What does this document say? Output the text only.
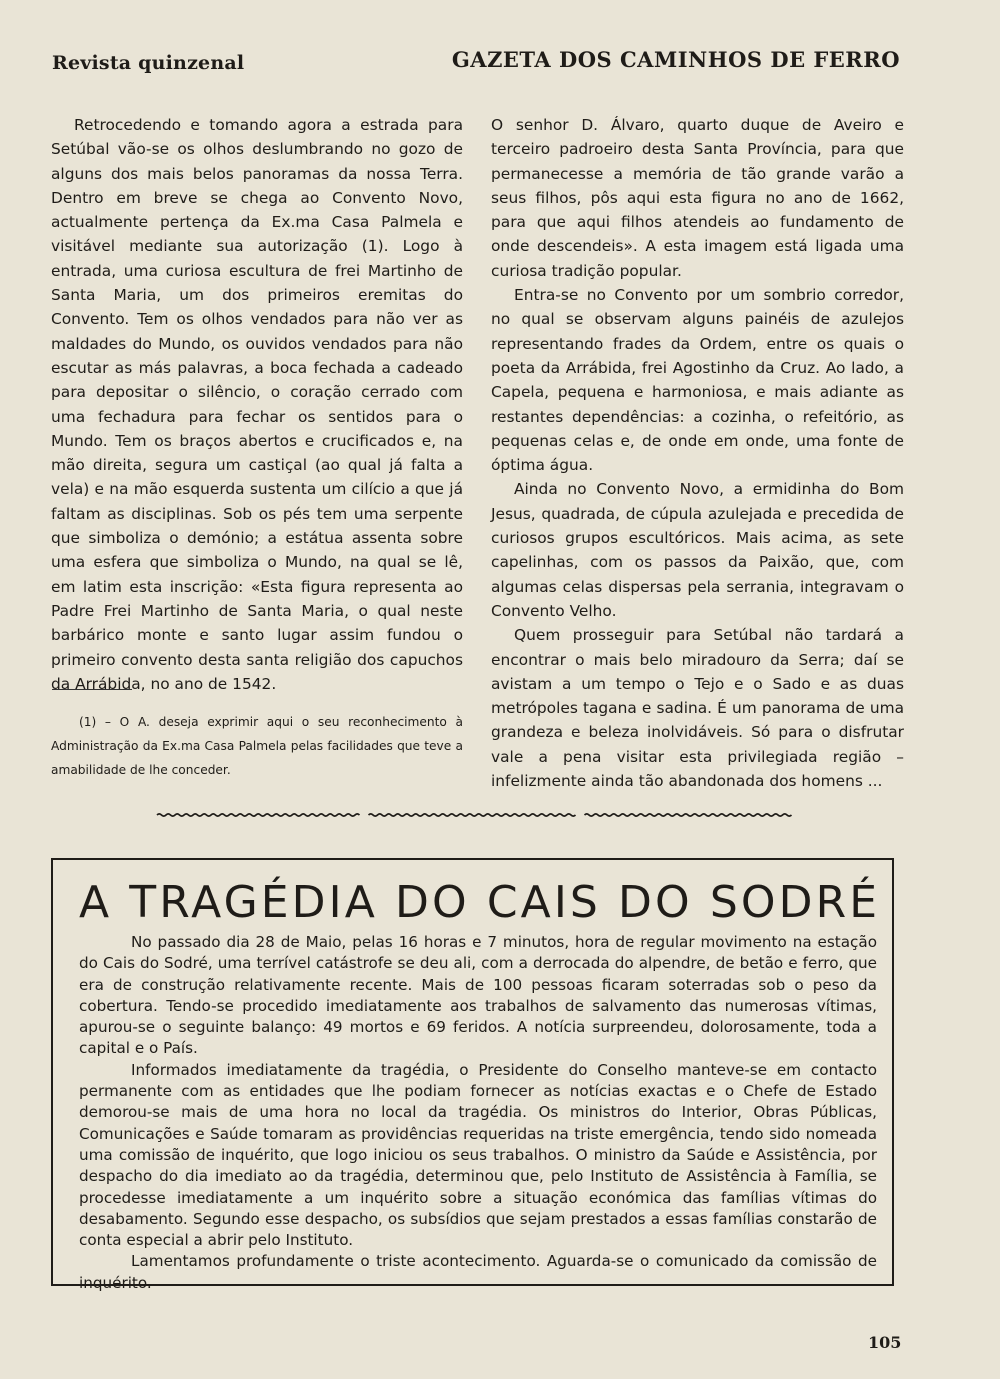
Revista quinzenal	GAZETA DOS CAMINHOS DE FERRO

Retrocedendo e tomando agora a estrada para Setúbal vão-se os olhos deslumbrando no gozo de alguns dos mais belos panoramas da nossa Terra. Dentro em breve se chega ao Convento Novo, actualmente pertença da Ex.ma Casa Palmela e visitável mediante sua autorização (1). Logo à entrada, uma curiosa escultura de frei Martinho de Santa Maria, um dos primeiros eremitas do Convento. Tem os olhos vendados para não ver as maldades do Mundo, os ouvidos vendados para não escutar as más palavras, a boca fechada a cadeado para depositar o silêncio, o coração cerrado com uma fechadura para fechar os sentidos para o Mundo. Tem os braços abertos e crucificados e, na mão direita, segura um castiçal (ao qual já falta a vela) e na mão esquerda sustenta um cilício a que já faltam as disciplinas. Sob os pés tem uma serpente que simboliza o demónio; a estátua assenta sobre uma esfera que simboliza o Mundo, na qual se lê, em latim esta inscrição: «Esta figura representa ao Padre Frei Martinho de Santa Maria, o qual neste barbárico monte e santo lugar assim fundou o primeiro convento desta santa religião dos capuchos da Arrábida, no ano de 1542.

(1) – O A. deseja exprimir aqui o seu reconhecimento à Administração da Ex.ma Casa Palmela pelas facilidades que teve a amabilidade de lhe conceder.

O senhor D. Álvaro, quarto duque de Aveiro e terceiro padroeiro desta Santa Província, para que permanecesse a memória de tão grande varão a seus filhos, pôs aqui esta figura no ano de 1662, para que aqui filhos atendeis ao fundamento de onde descendeis». A esta imagem está ligada uma curiosa tradição popular.

Entra-se no Convento por um sombrio corredor, no qual se observam alguns painéis de azulejos representando frades da Ordem, entre os quais o poeta da Arrábida, frei Agostinho da Cruz. Ao lado, a Capela, pequena e harmoniosa, e mais adiante as restantes dependências: a cozinha, o refeitório, as pequenas celas e, de onde em onde, uma fonte de óptima água.

Ainda no Convento Novo, a ermidinha do Bom Jesus, quadrada, de cúpula azulejada e precedida de curiosos grupos escultóricos. Mais acima, as sete capelinhas, com os passos da Paixão, que, com algumas celas dispersas pela serrania, integravam o Convento Velho.

Quem prosseguir para Setúbal não tardará a encontrar o mais belo miradouro da Serra; daí se avistam a um tempo o Tejo e o Sado e as duas metrópoles tagana e sadina. É um panorama de uma grandeza e beleza inolvidáveis. Só para o disfrutar vale a pena visitar esta privilegiada região – infelizmente ainda tão abandonada dos homens ...

A TRAGÉDIA DO CAIS DO SODRÉ

No passado dia 28 de Maio, pelas 16 horas e 7 minutos, hora de regular movimento na estação do Cais do Sodré, uma terrível catástrofe se deu ali, com a derrocada do alpendre, de betão e ferro, que era de construção relativamente recente. Mais de 100 pessoas ficaram soterradas sob o peso da cobertura. Tendo-se procedido imediatamente aos trabalhos de salvamento das numerosas vítimas, apurou-se o seguinte balanço: 49 mortos e 69 feridos. A notícia surpreendeu, dolorosamente, toda a capital e o País.

Informados imediatamente da tragédia, o Presidente do Conselho manteve-se em contacto permanente com as entidades que lhe podiam fornecer as notícias exactas e o Chefe de Estado demorou-se mais de uma hora no local da tragédia. Os ministros do Interior, Obras Públicas, Comunicações e Saúde tomaram as providências requeridas na triste emergência, tendo sido nomeada uma comissão de inquérito, que logo iniciou os seus trabalhos. O ministro da Saúde e Assistência, por despacho do dia imediato ao da tragédia, determinou que, pelo Instituto de Assistência à Família, se procedesse imediatamente a um inquérito sobre a situação económica das famílias vítimas do desabamento. Segundo esse despacho, os subsídios que sejam prestados a essas famílias constarão de conta especial a abrir pelo Instituto.

Lamentamos profundamente o triste acontecimento. Aguarda-se o comunicado da comissão de inquérito.

105
